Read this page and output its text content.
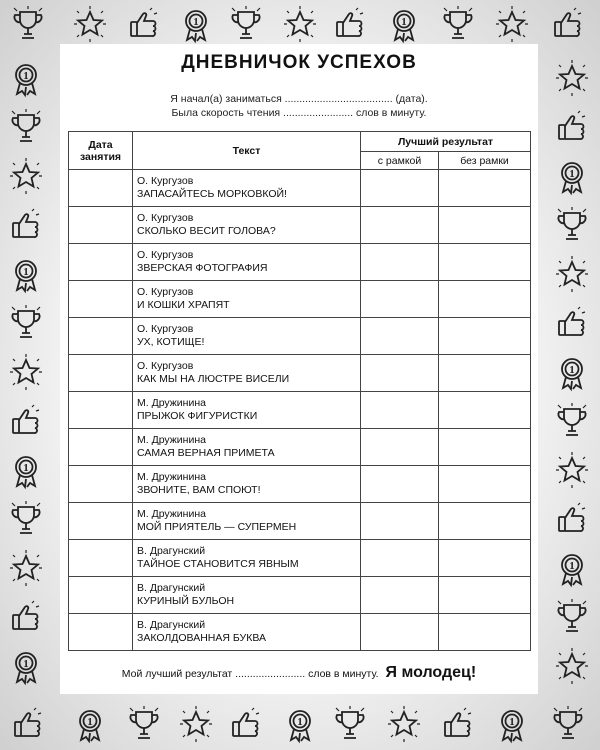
1
1
1
1
1
1
1
1
1
1
1
1
ДНЕВНИЧОК УСПЕХОВ
Я начал(а) заниматься ..................................... (дата).
Была скорость чтения ........................ слов в минуту.
Дата занятия	Текст	Лучший результат	
		с рамкой	без рамки

	О. Кургузов
ЗАПАСАЙТЕСЬ МОРКОВКОЙ!		

	О. Кургузов
СКОЛЬКО ВЕСИТ ГОЛОВА?		

	О. Кургузов
ЗВЕРСКАЯ ФОТОГРАФИЯ		

	О. Кургузов
И КОШКИ ХРАПЯТ		

	О. Кургузов
УХ, КОТИЩЕ!		

	О. Кургузов
КАК МЫ НА ЛЮСТРЕ ВИСЕЛИ		

	М. Дружинина
ПРЫЖОК ФИГУРИСТКИ		

	М. Дружинина
САМАЯ ВЕРНАЯ ПРИМЕТА		

	М. Дружинина
ЗВОНИТЕ, ВАМ СПОЮТ!		

	М. Дружинина
МОЙ ПРИЯТЕЛЬ — СУПЕРМЕН		

	В. Драгунский
ТАЙНОЕ СТАНОВИТСЯ ЯВНЫМ		

	В. Драгунский
КУРИНЫЙ БУЛЬОН		

	В. Драгунский
ЗАКОЛДОВАННАЯ БУКВА		

Мой лучший результат ........................ слов в минуту. Я молодец!
